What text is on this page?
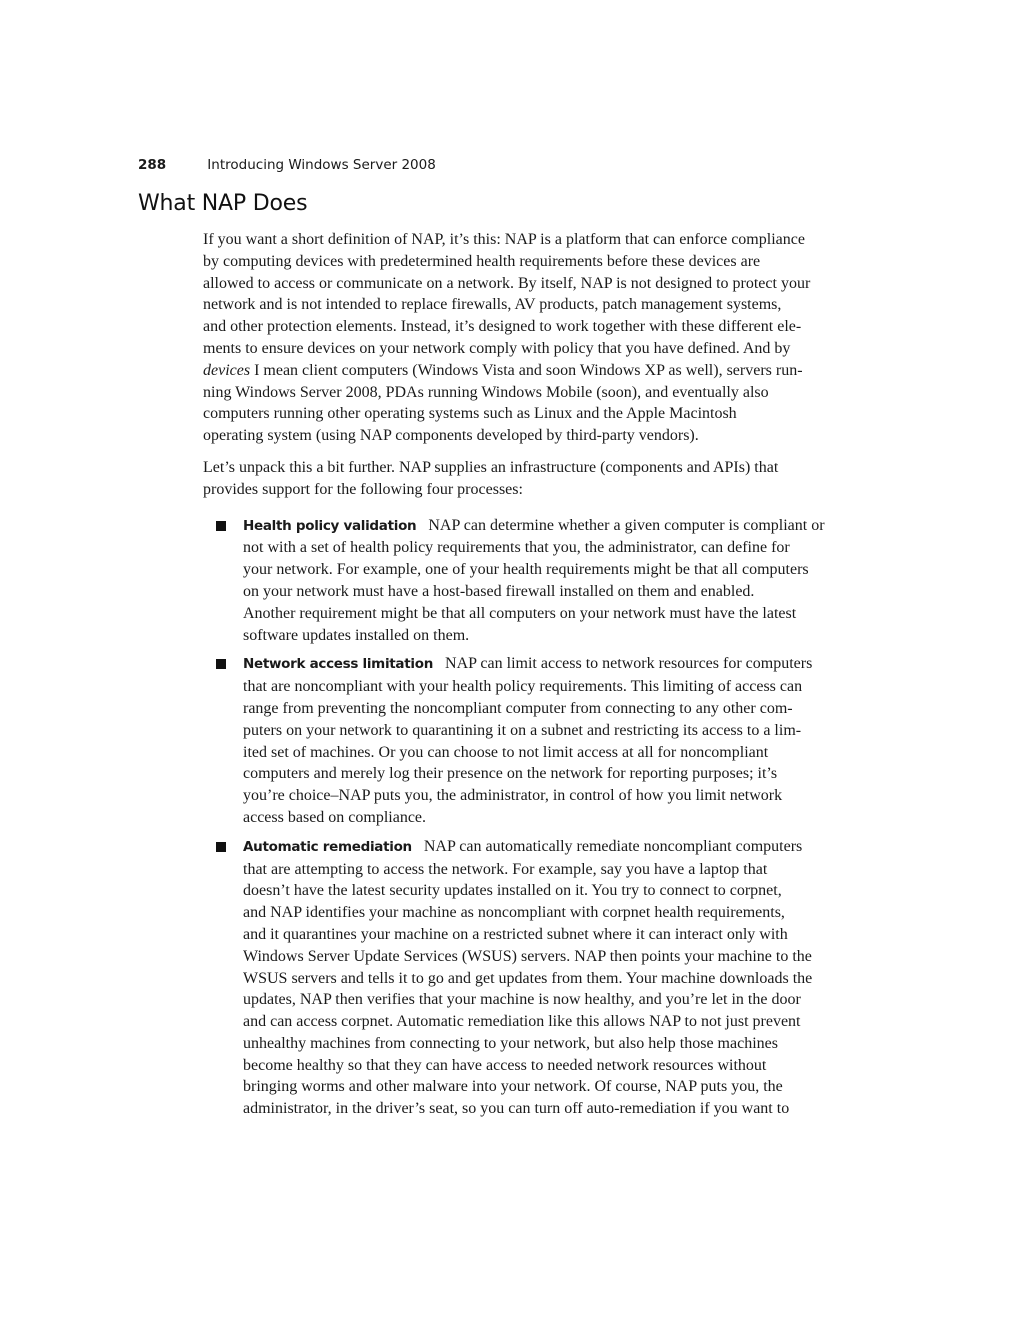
288	Introducing Windows Server 2008
What NAP Does

If you want a short definition of NAP, it’s this: NAP is a platform that can enforce compliance
by computing devices with predetermined health requirements before these devices are
allowed to access or communicate on a network. By itself, NAP is not designed to protect your
network and is not intended to replace firewalls, AV products, patch management systems,
and other protection elements. Instead, it’s designed to work together with these different ele-
ments to ensure devices on your network comply with policy that you have defined. And by
devices I mean client computers (Windows Vista and soon Windows XP as well), servers run-
ning Windows Server 2008, PDAs running Windows Mobile (soon), and eventually also
computers running other operating systems such as Linux and the Apple Macintosh
operating system (using NAP components developed by third-party vendors).

Let’s unpack this a bit further. NAP supplies an infrastructure (components and APIs) that
provides support for the following four processes:

Health policy validation NAP can determine whether a given computer is compliant or
not with a set of health policy requirements that you, the administrator, can define for
your network. For example, one of your health requirements might be that all computers
on your network must have a host-based firewall installed on them and enabled.
Another requirement might be that all computers on your network must have the latest
software updates installed on them.
Network access limitation NAP can limit access to network resources for computers
that are noncompliant with your health policy requirements. This limiting of access can
range from preventing the noncompliant computer from connecting to any other com-
puters on your network to quarantining it on a subnet and restricting its access to a lim-
ited set of machines. Or you can choose to not limit access at all for noncompliant
computers and merely log their presence on the network for reporting purposes; it’s
you’re choice–NAP puts you, the administrator, in control of how you limit network
access based on compliance.
Automatic remediation NAP can automatically remediate noncompliant computers
that are attempting to access the network. For example, say you have a laptop that
doesn’t have the latest security updates installed on it. You try to connect to corpnet,
and NAP identifies your machine as noncompliant with corpnet health requirements,
and it quarantines your machine on a restricted subnet where it can interact only with
Windows Server Update Services (WSUS) servers. NAP then points your machine to the
WSUS servers and tells it to go and get updates from them. Your machine downloads the
updates, NAP then verifies that your machine is now healthy, and you’re let in the door
and can access corpnet. Automatic remediation like this allows NAP to not just prevent
unhealthy machines from connecting to your network, but also help those machines
become healthy so that they can have access to needed network resources without
bringing worms and other malware into your network. Of course, NAP puts you, the
administrator, in the driver’s seat, so you can turn off auto-remediation if you want to
